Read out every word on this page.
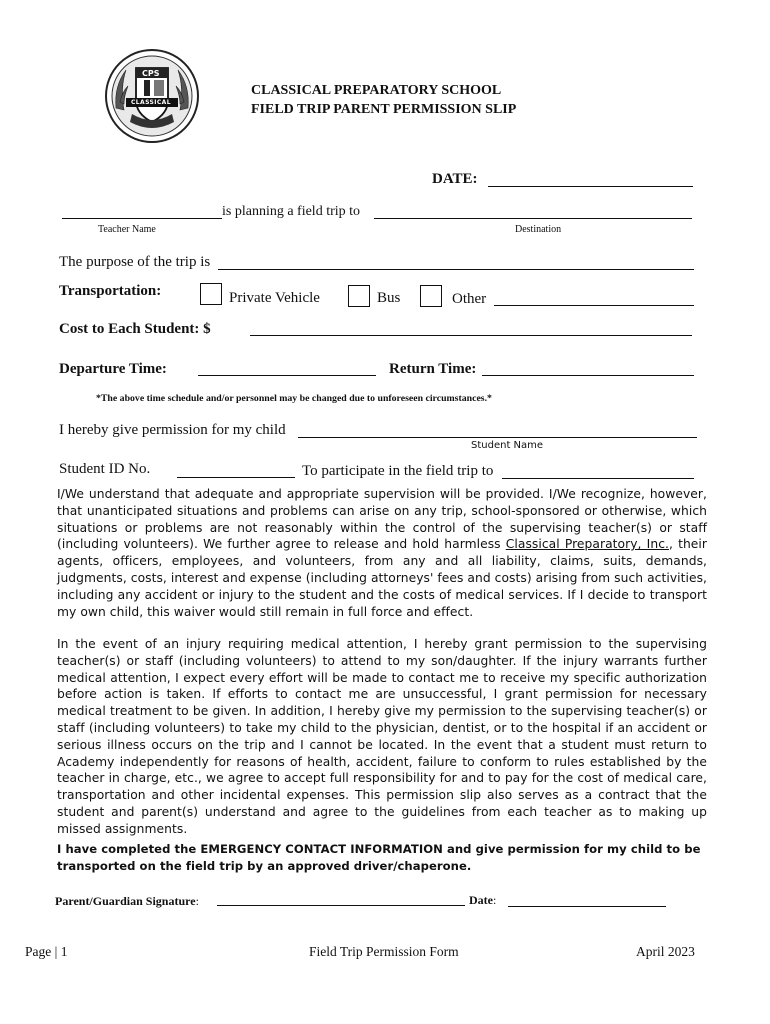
CPS
CLASSICAL
CLASSICAL PREPARATORY SCHOOL
FIELD TRIP PARENT PERMISSION SLIP
DATE:
is planning a field trip to
Teacher Name	Destination
The purpose of the trip is
Transportation:	Private Vehicle	Bus	Other
Cost to Each Student: $
Departure Time:	Return Time:
*The above time schedule and/or personnel may be changed due to unforeseen circumstances.*
I hereby give permission for my child
Student Name
Student ID No.	To participate in the field trip to
I/We understand that adequate and appropriate supervision will be provided. I/We recognize, however, that unanticipated situations and problems can arise on any trip, school-sponsored or otherwise, which situations or problems are not reasonably within the control of the supervising teacher(s) or staff (including volunteers). We further agree to release and hold harmless Classical Preparatory, Inc., their agents, officers, employees, and volunteers, from any and all liability, claims, suits, demands, judgments, costs, interest and expense (including attorneys' fees and costs) arising from such activities, including any accident or injury to the student and the costs of medical services. If I decide to transport my own child, this waiver would still remain in full force and effect.
In the event of an injury requiring medical attention, I hereby grant permission to the supervising teacher(s) or staff (including volunteers) to attend to my son/daughter. If the injury warrants further medical attention, I expect every effort will be made to contact me to receive my specific authorization before action is taken. If efforts to contact me are unsuccessful, I grant permission for necessary medical treatment to be given. In addition, I hereby give my permission to the supervising teacher(s) or staff (including volunteers) to take my child to the physician, dentist, or to the hospital if an accident or serious illness occurs on the trip and I cannot be located. In the event that a student must return to Academy independently for reasons of health, accident, failure to conform to rules established by the teacher in charge, etc., we agree to accept full responsibility for and to pay for the cost of medical care, transportation and other incidental expenses. This permission slip also serves as a contract that the student and parent(s) understand and agree to the guidelines from each teacher as to making up missed assignments.
I have completed the EMERGENCY CONTACT INFORMATION and give permission for my child to be transported on the field trip by an approved driver/chaperone.
Parent/Guardian Signature:	Date:
Page | 1	Field Trip Permission Form	April 2023
